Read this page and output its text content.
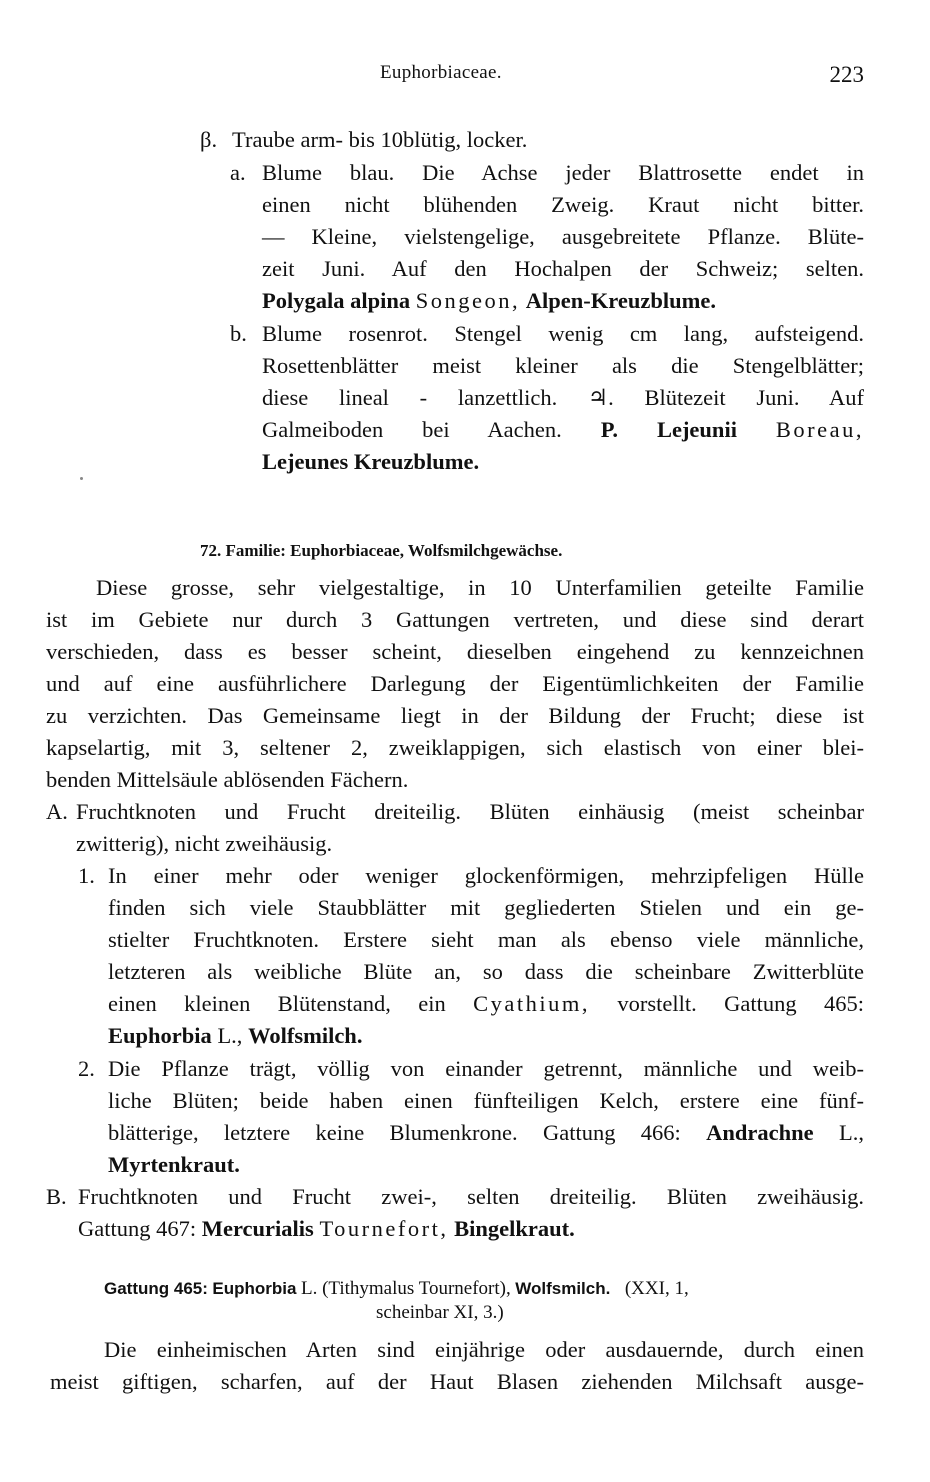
Euphorbiaceae.	223
β. Traube arm- bis 10blütig, locker.
a. Blume blau. Die Achse jeder Blattrosette endet in
einen nicht blühenden Zweig. Kraut nicht bitter.
— Kleine, vielstengelige, ausgebreitete Pflanze. Blüte-
zeit Juni. Auf den Hochalpen der Schweiz; selten.
Polygala alpina Songeon, Alpen-Kreuzblume.
b. Blume rosenrot. Stengel wenig cm lang, aufsteigend.
Rosettenblätter meist kleiner als die Stengelblätter;
diese lineal - lanzettlich. ♃. Blütezeit Juni. Auf
Galmeiboden bei Aachen. P. Lejeunii Boreau,
Lejeunes Kreuzblume.
72. Familie: Euphorbiaceae, Wolfsmilchgewächse.
Diese grosse, sehr vielgestaltige, in 10 Unterfamilien geteilte Familie
ist im Gebiete nur durch 3 Gattungen vertreten, und diese sind derart
verschieden, dass es besser scheint, dieselben eingehend zu kennzeichnen
und auf eine ausführlichere Darlegung der Eigentümlichkeiten der Familie
zu verzichten. Das Gemeinsame liegt in der Bildung der Frucht; diese ist
kapselartig, mit 3, seltener 2, zweiklappigen, sich elastisch von einer blei-
benden Mittelsäule ablösenden Fächern.
A. Fruchtknoten und Frucht dreiteilig. Blüten einhäusig (meist scheinbar
zwitterig), nicht zweihäusig.
1. In einer mehr oder weniger glockenförmigen, mehrzipfeligen Hülle
finden sich viele Staubblätter mit gegliederten Stielen und ein ge-
stielter Fruchtknoten. Erstere sieht man als ebenso viele männliche,
letzteren als weibliche Blüte an, so dass die scheinbare Zwitterblüte
einen kleinen Blütenstand, ein Cyathium, vorstellt. Gattung 465:
Euphorbia L., Wolfsmilch.
2. Die Pflanze trägt, völlig von einander getrennt, männliche und weib-
liche Blüten; beide haben einen fünfteiligen Kelch, erstere eine fünf-
blätterige, letztere keine Blumenkrone. Gattung 466: Andrachne L.,
Myrtenkraut.
B. Fruchtknoten und Frucht zwei-, selten dreiteilig. Blüten zweihäusig.
Gattung 467: Mercurialis Tournefort, Bingelkraut.
Gattung 465: Euphorbia L. (Tithymalus Tournefort), Wolfsmilch. (XXI, 1,
scheinbar XI, 3.)
Die einheimischen Arten sind einjährige oder ausdauernde, durch einen
meist giftigen, scharfen, auf der Haut Blasen ziehenden Milchsaft ausge-
